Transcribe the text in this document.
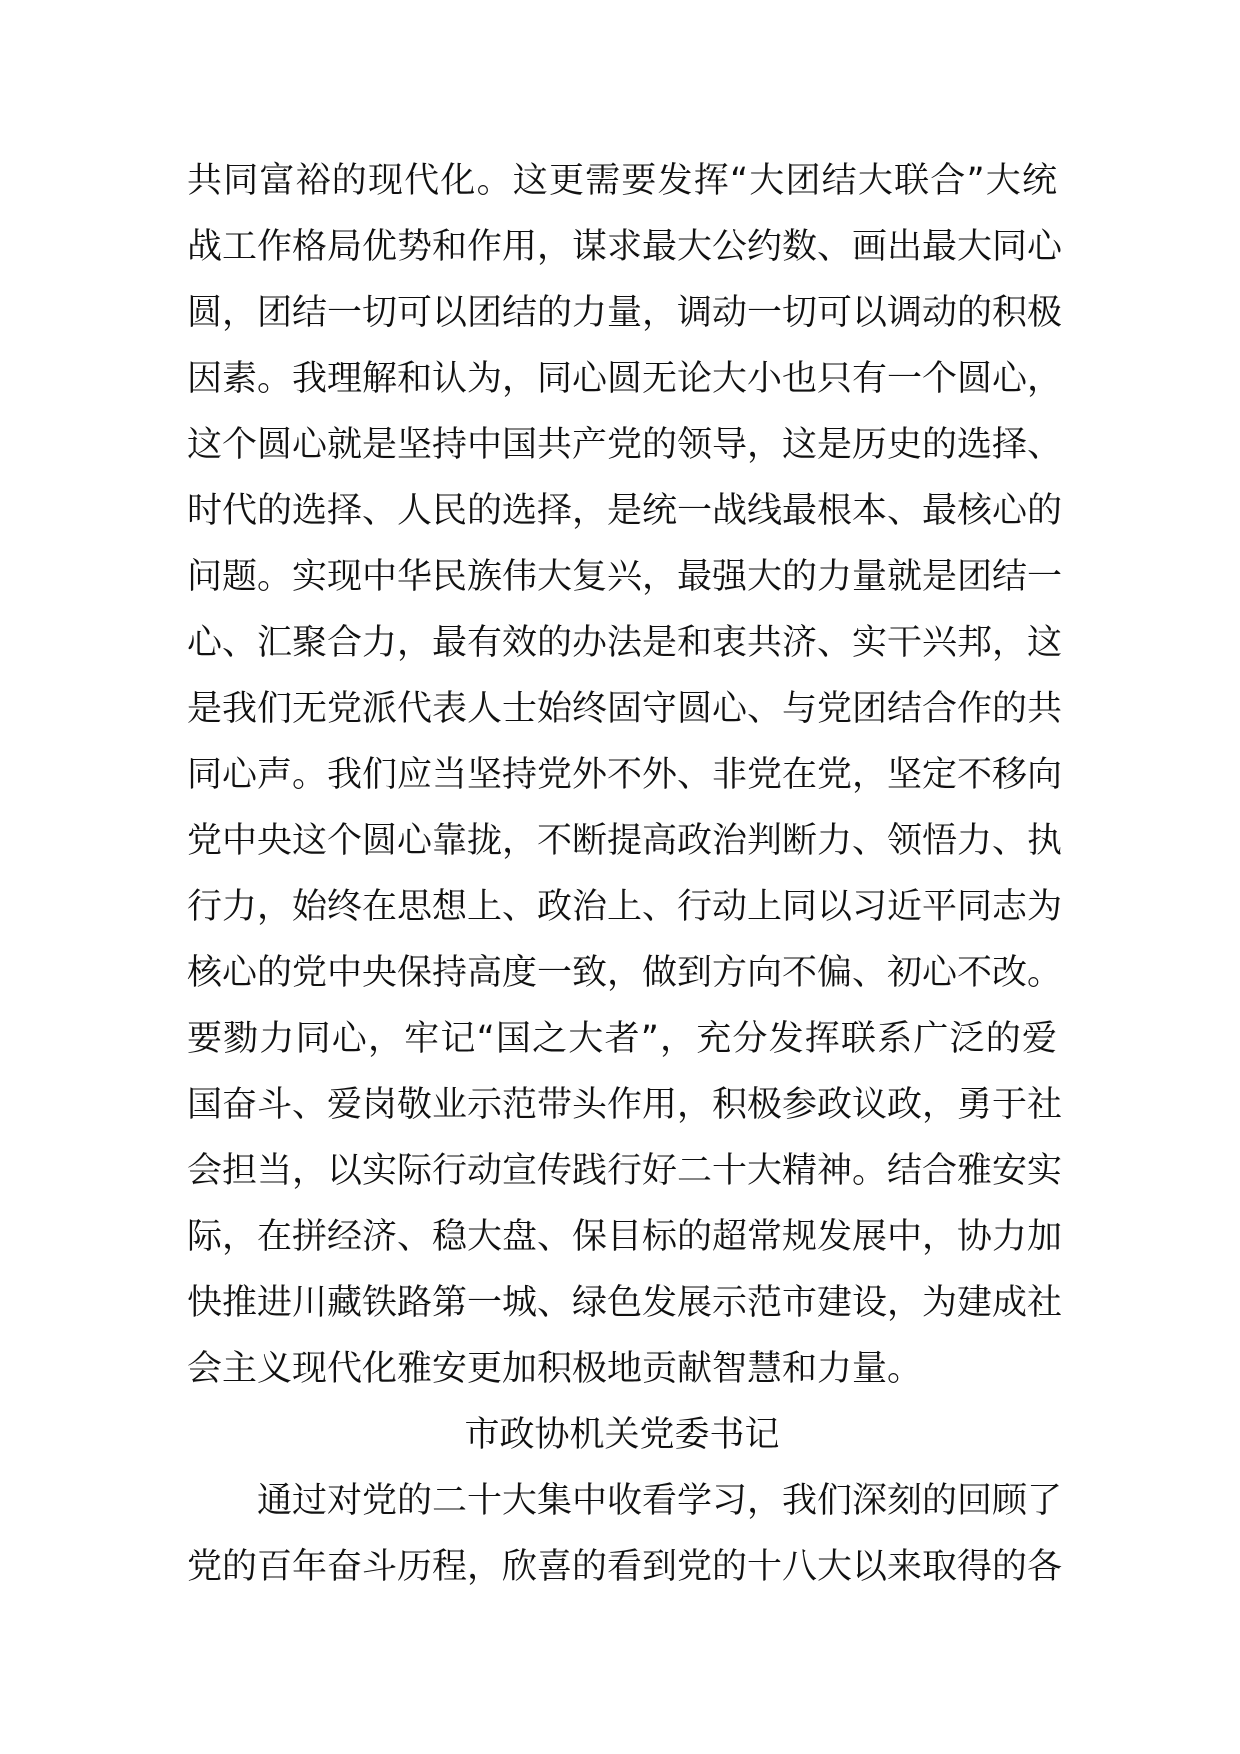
共同富裕的现代化。这更需要发挥“大团结大联合”大统
战工作格局优势和作用，谋求最大公约数、画出最大同心
圆，团结一切可以团结的力量，调动一切可以调动的积极
因素。我理解和认为，同心圆无论大小也只有一个圆心，
这个圆心就是坚持中国共产党的领导，这是历史的选择、
时代的选择、人民的选择，是统一战线最根本、最核心的
问题。实现中华民族伟大复兴，最强大的力量就是团结一
心、汇聚合力，最有效的办法是和衷共济、实干兴邦，这
是我们无党派代表人士始终固守圆心、与党团结合作的共
同心声。我们应当坚持党外不外、非党在党，坚定不移向
党中央这个圆心靠拢，不断提高政治判断力、领悟力、执
行力，始终在思想上、政治上、行动上同以习近平同志为
核心的党中央保持高度一致，做到方向不偏、初心不改。
要勠力同心，牢记“国之大者”，充分发挥联系广泛的爱
国奋斗、爱岗敬业示范带头作用，积极参政议政，勇于社
会担当，以实际行动宣传践行好二十大精神。结合雅安实
际，在拼经济、稳大盘、保目标的超常规发展中，协力加
快推进川藏铁路第一城、绿色发展示范市建设，为建成社
会主义现代化雅安更加积极地贡献智慧和力量。
市政协机关党委书记
通过对党的二十大集中收看学习，我们深刻的回顾了
党的百年奋斗历程，欣喜的看到党的十八大以来取得的各
